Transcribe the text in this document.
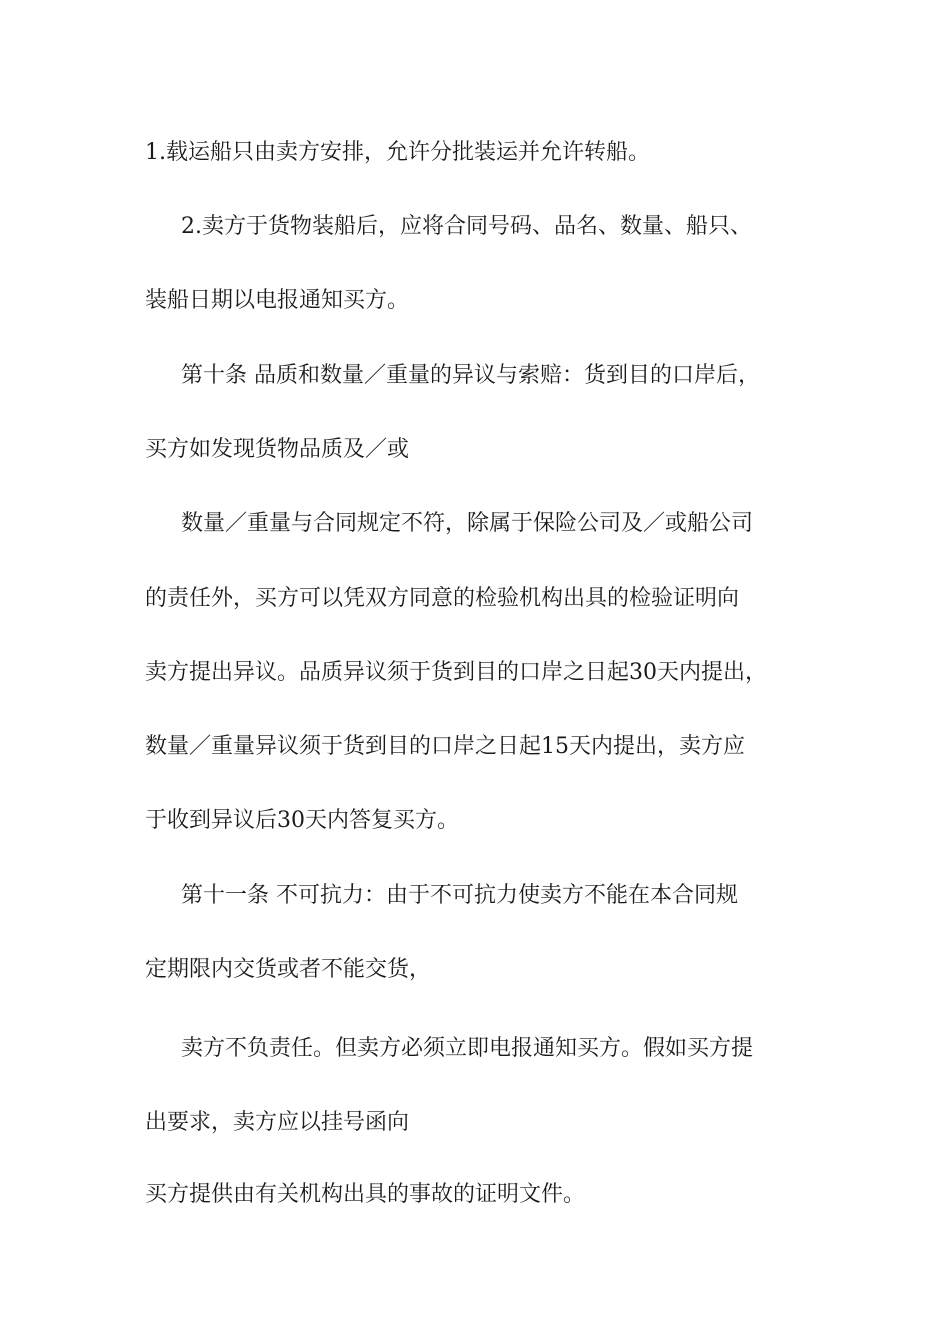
1.载运船只由卖方安排，允许分批装运并允许转船。

2.卖方于货物装船后，应将合同号码、品名、数量、船只、

装船日期以电报通知买方。

第十条 品质和数量／重量的异议与索赔：货到目的口岸后，

买方如发现货物品质及／或

数量／重量与合同规定不符，除属于保险公司及／或船公司

的责任外，买方可以凭双方同意的检验机构出具的检验证明向

卖方提出异议。品质异议须于货到目的口岸之日起30天内提出，

数量／重量异议须于货到目的口岸之日起15天内提出，卖方应

于收到异议后30天内答复买方。

第十一条 不可抗力：由于不可抗力使卖方不能在本合同规

定期限内交货或者不能交货，

卖方不负责任。但卖方必须立即电报通知买方。假如买方提

出要求，卖方应以挂号函向

买方提供由有关机构出具的事故的证明文件。
